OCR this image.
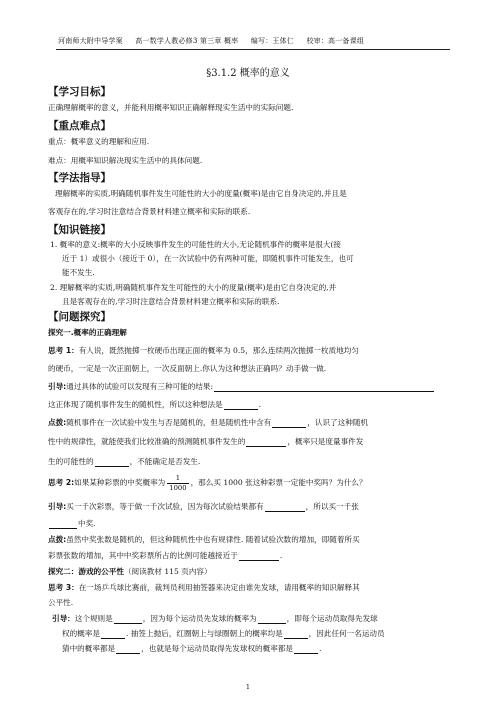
河南师大附中导学案 高一数学人教必修3 第三章 概率 编写：王体仁 校审：高一备课组
§3.1.2 概率的意义
【学习目标】
正确理解概率的意义，并能利用概率知识正确解释现实生活中的实际问题.
【重点难点】
重点：概率意义的理解和应用.
难点：用概率知识解决现实生活中的具体问题.
【学法指导】
理解概率的实质,明确随机事件发生可能性的大小的度量(概率)是由它自身决定的,并且是
客观存在的,学习时注意结合背景材料建立概率和实际的联系.
【知识链接】
1. 概率的意义:概率的大小反映事件发生的可能性的大小,无论随机事件的概率是很大(接
近于 1）或很小（接近于 0），在一次试验中仍有两种可能，即随机事件可能发生，也可
能不发生.
2. 理解概率的实质,明确随机事件发生可能性的大小的度量(概率)是由它自身决定的,并
且是客观存在的,学习时注意结合背景材料建立概率和实际的联系.
【问题探究】
探究一.概率的正确理解
思考 1：有人说，既然抛掷一枚硬币出现正面的概率为 0.5，那么连续两次抛掷一枚质地均匀
的硬币，一定是一次正面朝上，一次反面朝上.你认为这种想法正确吗？动手做一做.
引导:通过具体的试验可以发现有三种可能的结果:
这正体现了随机事件发生的随机性，所以这种想法是	.
点拨:随机事件在一次试验中发生与否是随机的，但是随机性中含有	，认识了这种随机
性中的规律性，就能使我们比较准确的预测随机事件发生的	，概率只是度量事件发
生的可能性的	，不能确定是否发生.
思考 2:如果某种彩票的中奖概率为 $\frac{1}{1000}$ ，那么买 1000 张这种彩票一定能中奖吗？为什么？
引导:买一千次彩票，等于做一千次试验，因为每次试验结果都有	，所以买一千张
中奖.
点拨:虽然中奖张数是随机的，但这种随机性中也有规律性. 随着试验次数的增加，即随着所买
彩票张数的增加，其中中奖彩票所占的比例可能越接近于	.
探究二：游戏的公平性（阅读教材 115 页内容）
思考 3：在一场乒乓球比赛前，裁判员利用抽签器来决定由谁先发球，请用概率的知识解释其
公平性.
引导：这个规则是	，因为每个运动员先发球的概率为	，即每个运动员取得先发球
权的概率是	. 抽签上抛后，红圈朝上与绿圈朝上的概率均是	，因此任何一名运动员
猜中的概率都是	，也就是每个运动员取得先发球权的概率都是	.
1
